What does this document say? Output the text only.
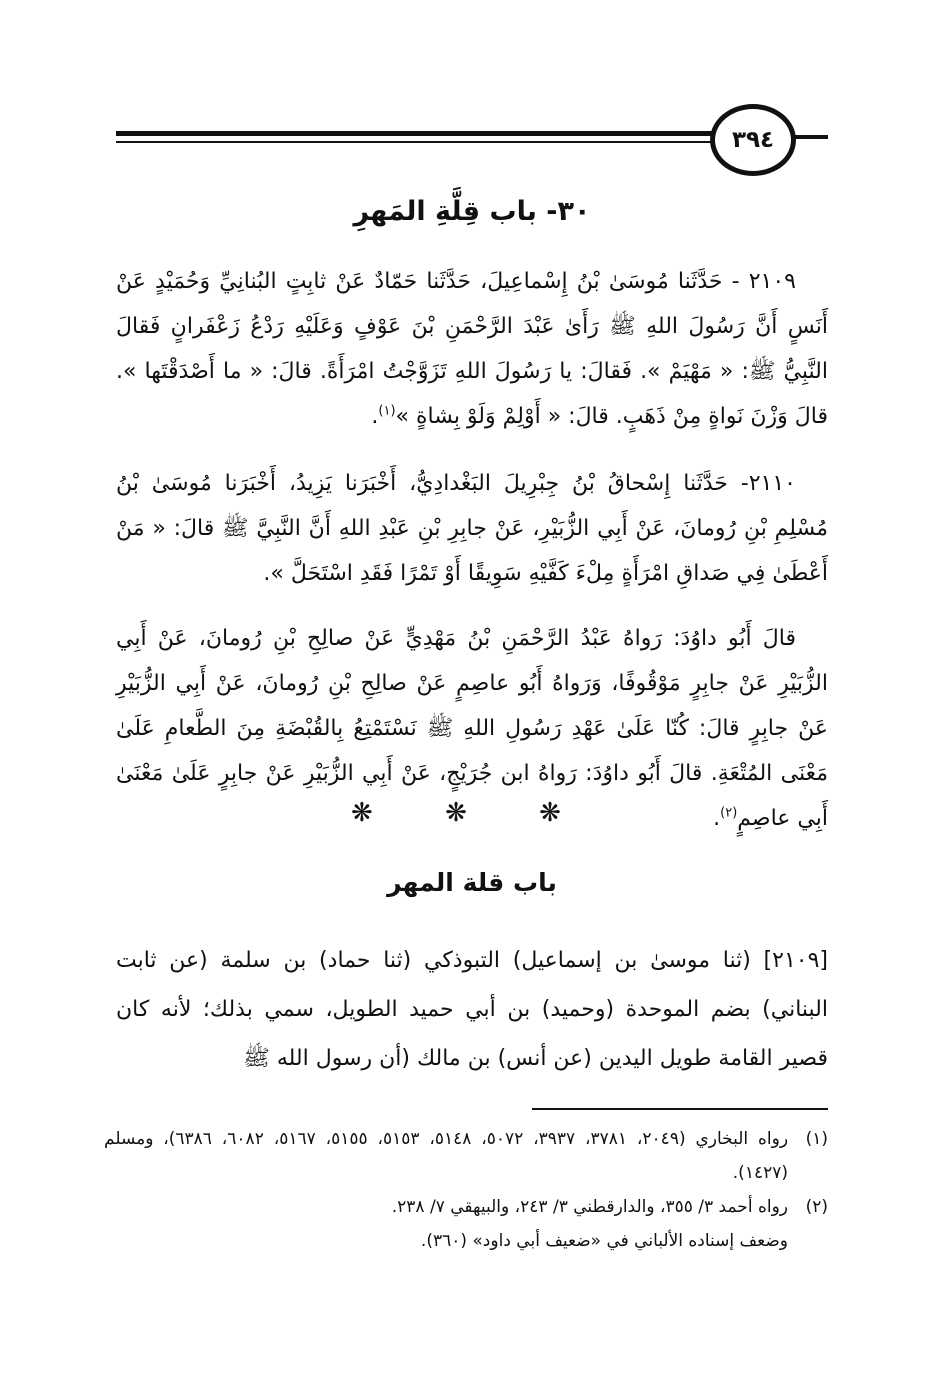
٣٩٤
٣٠- باب قِلَّةِ المَهرِ

٢١٠٩ - حَدَّثَنا مُوسَىٰ بْنُ إِسْماعِيلَ، حَدَّثَنا حَمّادٌ عَنْ ثابِتٍ البُنانِيِّ وَحُمَيْدٍ عَنْ أَنَسٍ أَنَّ رَسُولَ اللهِ ﷺ رَأَىٰ عَبْدَ الرَّحْمَنِ بْنَ عَوْفٍ وَعَلَيْهِ رَدْعُ زَعْفَرانٍ فَقالَ النَّبِيُّ ﷺ: « مَهْيَمْ ». فَقالَ: يا رَسُولَ اللهِ تَزَوَّجْتُ امْرَأَةً. قالَ: « ما أَصْدَقْتَها ». قالَ وَزْنَ نَواةٍ مِنْ ذَهَبٍ. قالَ: « أَوْلِمْ وَلَوْ بِشاةٍ »$^{(١)}$.

٢١١٠- حَدَّثَنا إِسْحاقُ بْنُ جِبْرِيلَ البَغْدادِيُّ، أَخْبَرَنا يَزِيدُ، أَخْبَرَنا مُوسَىٰ بْنُ مُسْلِمِ بْنِ رُومانَ، عَنْ أَبِي الزُّبَيْرِ، عَنْ جابِرِ بْنِ عَبْدِ اللهِ أَنَّ النَّبِيَّ ﷺ قالَ: « مَنْ أَعْطَىٰ فِي صَداقِ امْرَأَةٍ مِلْءَ كَفَّيْهِ سَوِيقًا أَوْ تَمْرًا فَقَدِ اسْتَحَلَّ ».

قالَ أَبُو داوُدَ: رَواهُ عَبْدُ الرَّحْمَنِ بْنُ مَهْدِيٍّ عَنْ صالِحِ بْنِ رُومانَ، عَنْ أَبِي الزُّبَيْرِ عَنْ جابِرٍ مَوْقُوفًا، وَرَواهُ أَبُو عاصِمٍ عَنْ صالِحِ بْنِ رُومانَ، عَنْ أَبِي الزُّبَيْرِ عَنْ جابِرٍ قالَ: كُنّا عَلَىٰ عَهْدِ رَسُولِ اللهِ ﷺ نَسْتَمْتِعُ بِالقُبْضَةِ مِنَ الطَّعامِ عَلَىٰ مَعْنَى المُتْعَةِ. قالَ أَبُو داوُدَ: رَواهُ ابن جُرَيْجٍ، عَنْ أَبِي الزُّبَيْرِ عَنْ جابِرٍ عَلَىٰ مَعْنَىٰ أَبِي عاصِمٍ$^{(٢)}$.

❋ ❋ ❋
باب قلة المهر

[٢١٠٩] (ثنا موسىٰ بن إسماعيل) التبوذكي (ثنا حماد) بن سلمة (عن ثابت البناني) بضم الموحدة (وحميد) بن أبي حميد الطويل، سمي بذلك؛ لأنه كان قصير القامة طويل اليدين (عن أنس) بن مالك (أن رسول الله ﷺ

(١)
رواه البخاري (٢٠٤٩، ٣٧٨١، ٣٩٣٧، ٥٠٧٢، ٥١٤٨، ٥١٥٣، ٥١٥٥، ٥١٦٧، ٦٠٨٢، ٦٣٨٦)، ومسلم (١٤٢٧).
(٢)
رواه أحمد ٣/ ٣٥٥، والدارقطني ٣/ ٢٤٣، والبيهقي ٧/ ٢٣٨.
وضعف إسناده الألباني في «ضعيف أبي داود» (٣٦٠).
